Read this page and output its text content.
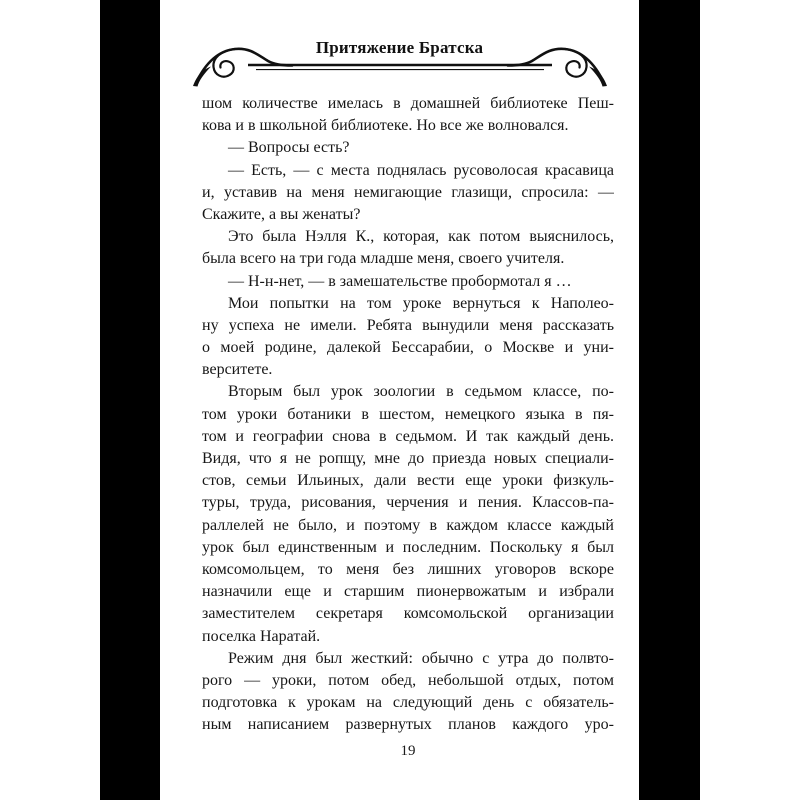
Притяжение Братска
шом количестве имелась в домашней библиотеке Пеш-
кова и в школьной библиотеке. Но все же волновался.
— Вопросы есть?
— Есть, — с места поднялась русоволосая красавица
и, уставив на меня немигающие глазищи, спросила: —
Скажите, а вы женаты?
Это была Нэлля К., которая, как потом выяснилось,
была всего на три года младше меня, своего учителя.
— Н-н-нет, — в замешательстве пробормотал я …
Мои попытки на том уроке вернуться к Наполео-
ну успеха не имели. Ребята вынудили меня рассказать
о моей родине, далекой Бессарабии, о Москве и уни-
верситете.
Вторым был урок зоологии в седьмом классе, по-
том уроки ботаники в шестом, немецкого языка в пя-
том и географии снова в седьмом. И так каждый день.
Видя, что я не ропщу, мне до приезда новых специали-
стов, семьи Ильиных, дали вести еще уроки физкуль-
туры, труда, рисования, черчения и пения. Классов-па-
раллелей не было, и поэтому в каждом классе каждый
урок был единственным и последним. Поскольку я был
комсомольцем, то меня без лишних уговоров вскоре
назначили еще и старшим пионервожатым и избрали
заместителем секретаря комсомольской организации
поселка Наратай.
Режим дня был жесткий: обычно с утра до полвто-
рого — уроки, потом обед, небольшой отдых, потом
подготовка к урокам на следующий день с обязатель-
ным написанием развернутых планов каждого уро-
19
